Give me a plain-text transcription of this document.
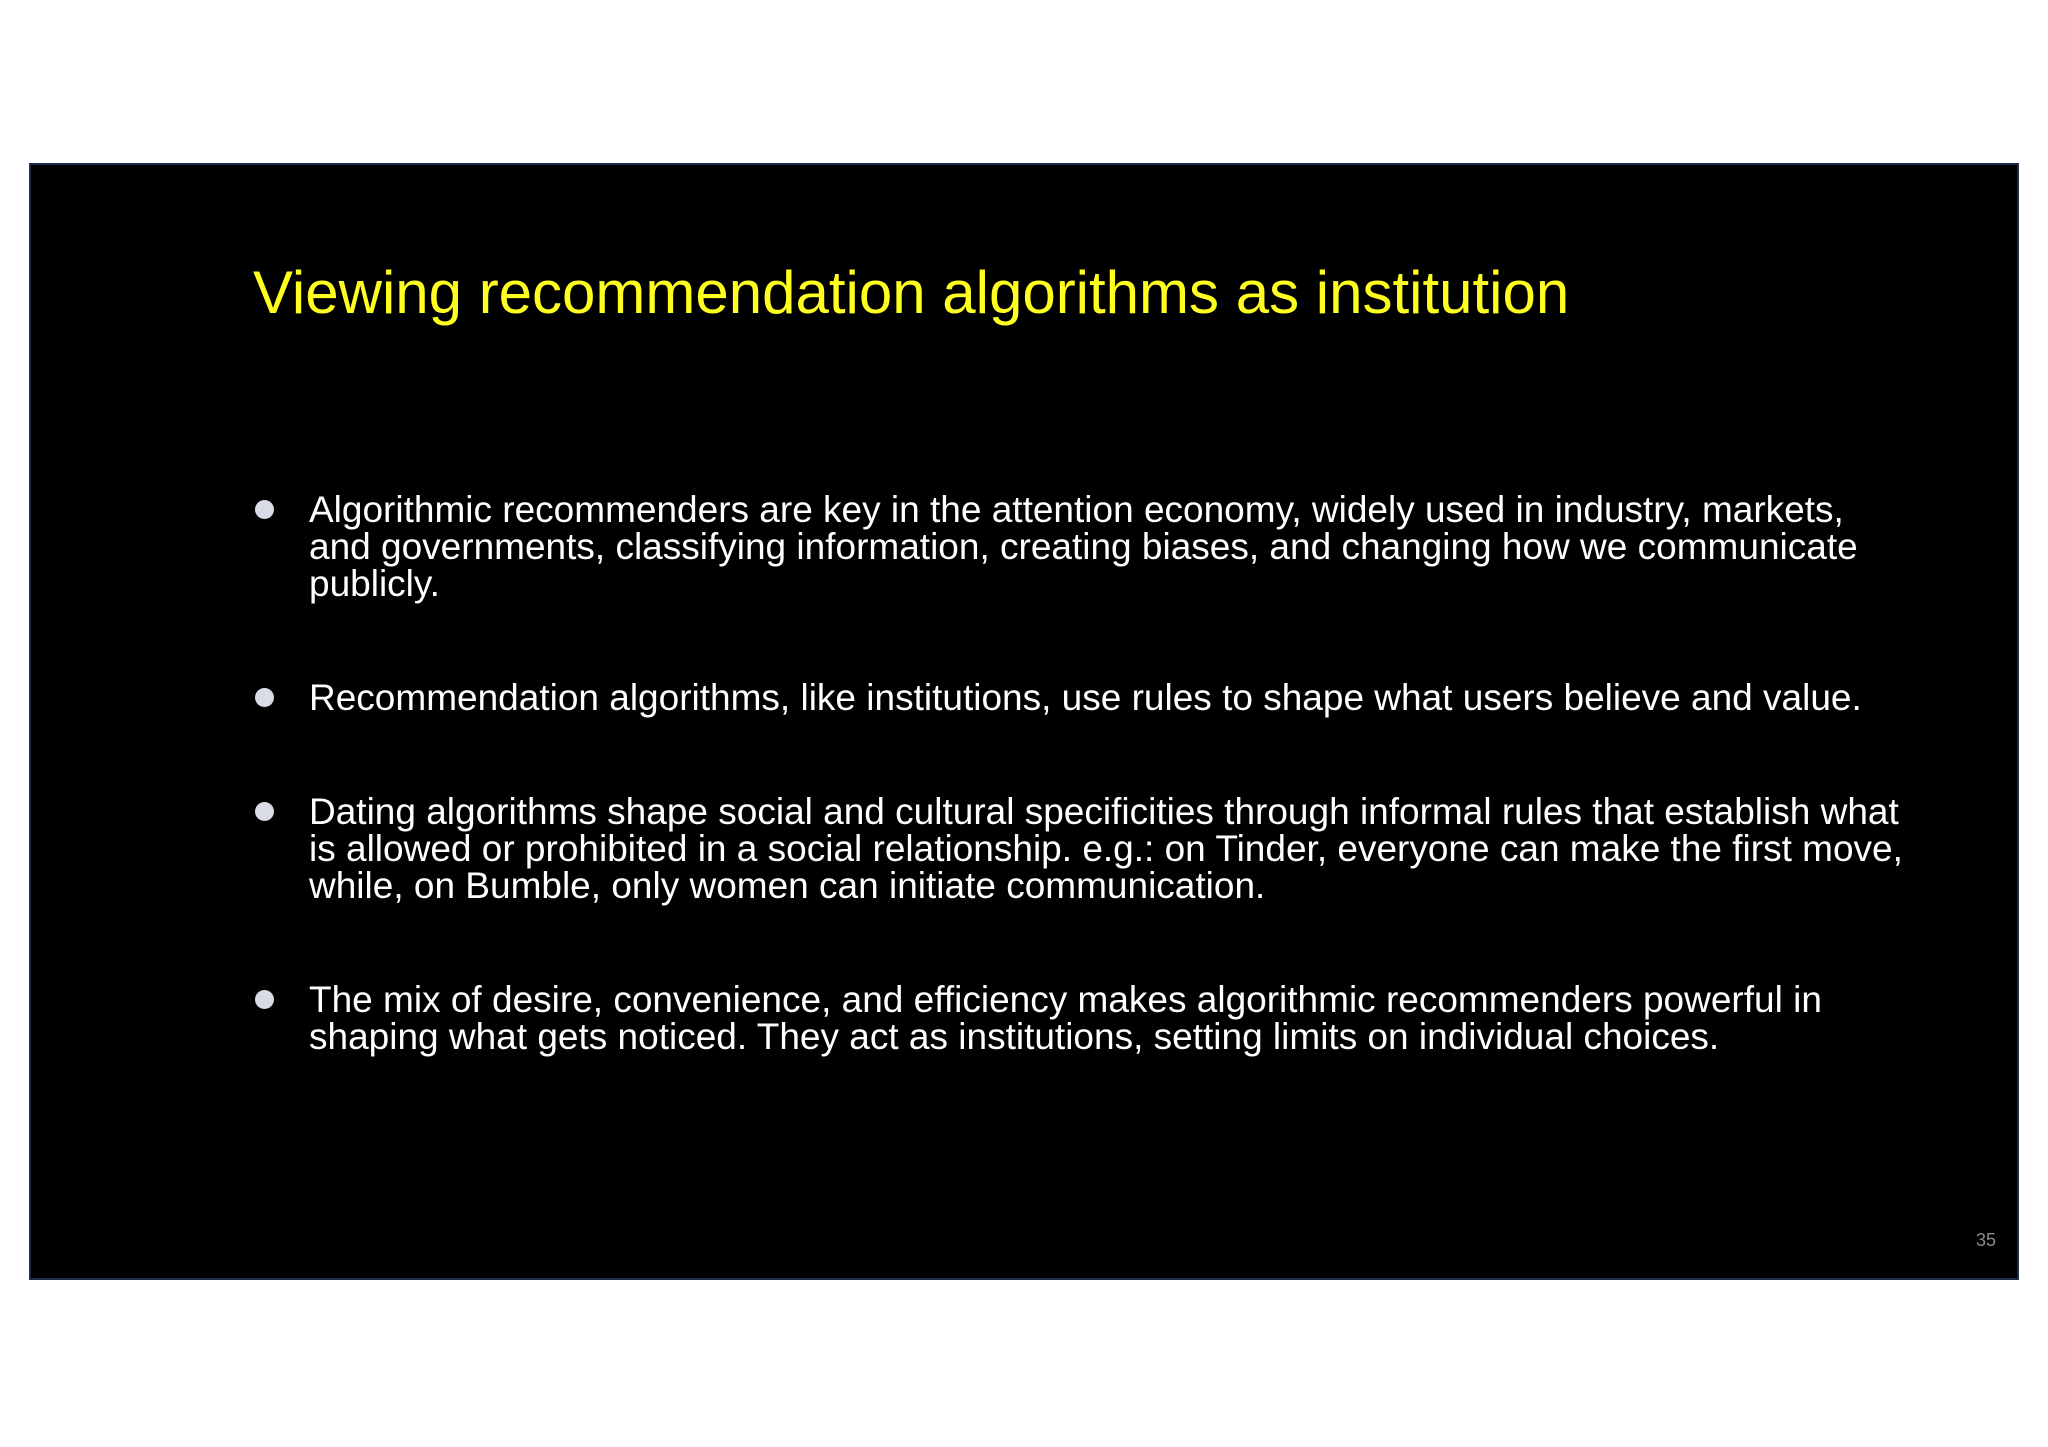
Viewing recommendation algorithms as institution
Algorithmic recommenders are key in the attention economy, widely used in industry, markets, and governments, classifying information, creating biases, and changing how we communicate publicly.
Recommendation algorithms, like institutions, use rules to shape what users believe and value.
Dating algorithms shape social and cultural specificities through informal rules that establish what is allowed or prohibited in a social relationship. e.g.: on Tinder, everyone can make the first move, while, on Bumble, only women can initiate communication.
The mix of desire, convenience, and efficiency makes algorithmic recommenders powerful in shaping what gets noticed. They act as institutions, setting limits on individual choices.
35
